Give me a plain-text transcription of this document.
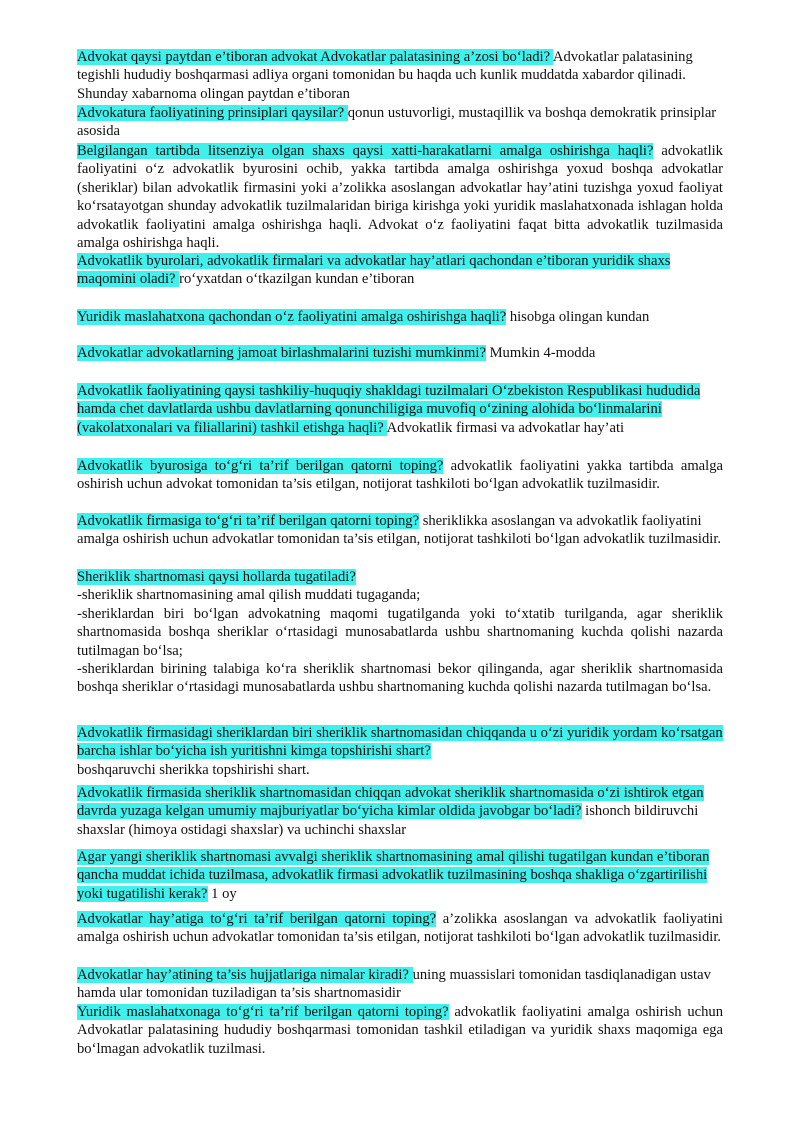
Advokat qaysi paytdan e’tiboran advokat Advokatlar palatasining a’zosi bo‘ladi? Advokatlar palatasining tegishli hududiy boshqarmasi adliya organi tomonidan bu haqda uch kunlik muddatda xabardor qilinadi. Shunday xabarnoma olingan paytdan e’tiboran

Advokatura faoliyatining prinsiplari qaysilar? qonun ustuvorligi, mustaqillik va boshqa demokratik prinsiplar asosida

Belgilangan tartibda litsenziya olgan shaxs qaysi xatti-harakatlarni amalga oshirishga haqli? advokatlik faoliyatini o‘z advokatlik byurosini ochib, yakka tartibda amalga oshirishga yoxud boshqa advokatlar (sheriklar) bilan advokatlik firmasini yoki a’zolikka asoslangan advokatlar hay’atini tuzishga yoxud faoliyat ko‘rsatayotgan shunday advokatlik tuzilmalaridan biriga kirishga yoki yuridik maslahatxonada ishlagan holda advokatlik faoliyatini amalga oshirishga haqli. Advokat o‘z faoliyatini faqat bitta advokatlik tuzilmasida amalga oshirishga haqli.

Advokatlik byurolari, advokatlik firmalari va advokatlar hay’atlari qachondan e’tiboran yuridik shaxs maqomini oladi? ro‘yxatdan o‘tkazilgan kundan e’tiboran

Yuridik maslahatxona qachondan o‘z faoliyatini amalga oshirishga haqli? hisobga olingan kundan

Advokatlar advokatlarning jamoat birlashmalarini tuzishi mumkinmi? Mumkin 4-modda

Advokatlik faoliyatining qaysi tashkiliy-huquqiy shakldagi tuzilmalari O‘zbekiston Respublikasi hududida hamda chet davlatlarda ushbu davlatlarning qonunchiligiga muvofiq o‘zining alohida bo‘linmalarini (vakolatxonalari va filiallarini) tashkil etishga haqli? Advokatlik firmasi va advokatlar hay’ati

Advokatlik byurosiga to‘g‘ri ta’rif berilgan qatorni toping? advokatlik faoliyatini yakka tartibda amalga oshirish uchun advokat tomonidan ta’sis etilgan, notijorat tashkiloti bo‘lgan advokatlik tuzilmasidir.

Advokatlik firmasiga to‘g‘ri ta’rif berilgan qatorni toping? sheriklikka asoslangan va advokatlik faoliyatini amalga oshirish uchun advokatlar tomonidan ta’sis etilgan, notijorat tashkiloti bo‘lgan advokatlik tuzilmasidir.

Sheriklik shartnomasi qaysi hollarda tugatiladi?
-sheriklik shartnomasining amal qilish muddati tugaganda;
-sheriklardan biri bo‘lgan advokatning maqomi tugatilganda yoki to‘xtatib turilganda, agar sheriklik shartnomasida boshqa sheriklar o‘rtasidagi munosabatlarda ushbu shartnomaning kuchda qolishi nazarda tutilmagan bo‘lsa;
-sheriklardan birining talabiga ko‘ra sheriklik shartnomasi bekor qilinganda, agar sheriklik shartnomasida boshqa sheriklar o‘rtasidagi munosabatlarda ushbu shartnomaning kuchda qolishi nazarda tutilmagan bo‘lsa.

Advokatlik firmasidagi sheriklardan biri sheriklik shartnomasidan chiqqanda u o‘zi yuridik yordam ko‘rsatgan barcha ishlar bo‘yicha ish yuritishni kimga topshirishi shart?
boshqaruvchi sherikka topshirishi shart.

Advokatlik firmasida sheriklik shartnomasidan chiqqan advokat sheriklik shartnomasida o‘zi ishtirok etgan davrda yuzaga kelgan umumiy majburiyatlar bo‘yicha kimlar oldida javobgar bo‘ladi? ishonch bildiruvchi shaxslar (himoya ostidagi shaxslar) va uchinchi shaxslar

Agar yangi sheriklik shartnomasi avvalgi sheriklik shartnomasining amal qilishi tugatilgan kundan e’tiboran qancha muddat ichida tuzilmasa, advokatlik firmasi advokatlik tuzilmasining boshqa shakliga o‘zgartirilishi yoki tugatilishi kerak? 1 oy

Advokatlar hay’atiga to‘g‘ri ta’rif berilgan qatorni toping? a’zolikka asoslangan va advokatlik faoliyatini amalga oshirish uchun advokatlar tomonidan ta’sis etilgan, notijorat tashkiloti bo‘lgan advokatlik tuzilmasidir.

Advokatlar hay’atining ta’sis hujjatlariga nimalar kiradi? uning muassislari tomonidan tasdiqlanadigan ustav hamda ular tomonidan tuziladigan ta’sis shartnomasidir

Yuridik maslahatxonaga to‘g‘ri ta’rif berilgan qatorni toping? advokatlik faoliyatini amalga oshirish uchun Advokatlar palatasining hududiy boshqarmasi tomonidan tashkil etiladigan va yuridik shaxs maqomiga ega bo‘lmagan advokatlik tuzilmasi.
